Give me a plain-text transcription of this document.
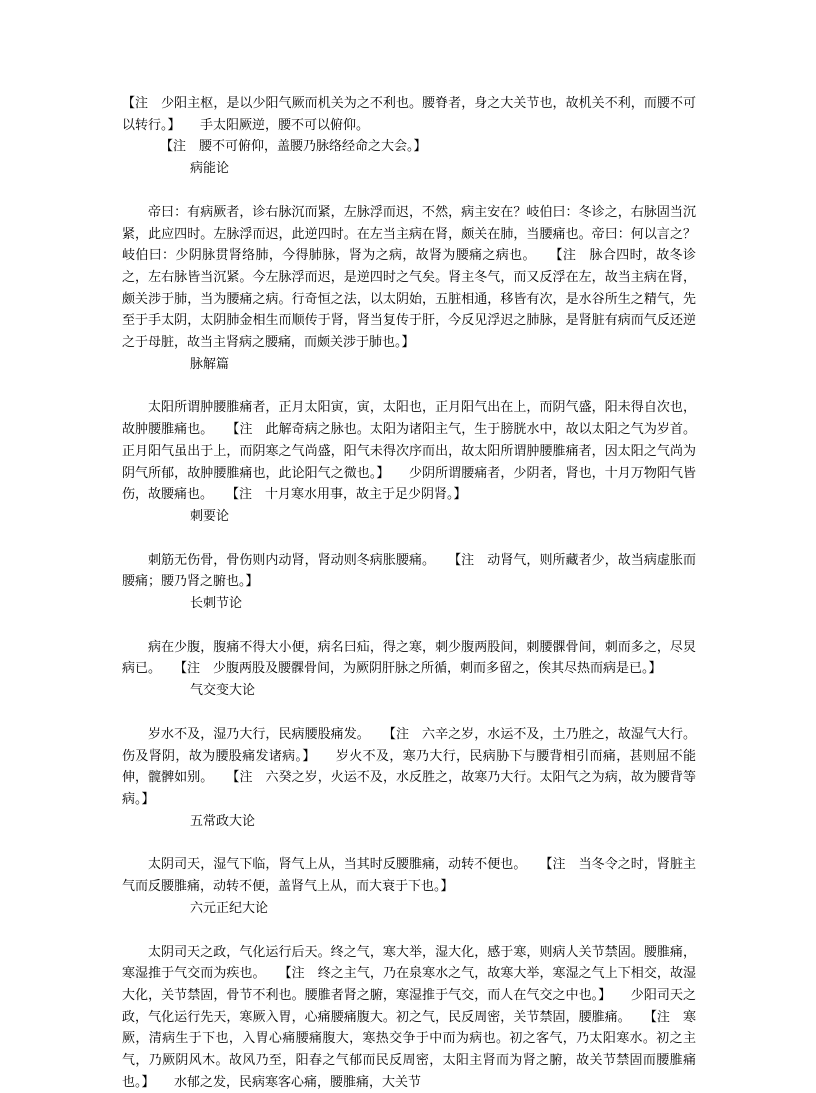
【注　少阳主枢，是以少阳气厥而机关为之不利也。腰脊者，身之大关节也，故机关不利，而腰不可以转行。】　　手太阳厥逆，腰不可以俯仰。

【注　腰不可俯仰，盖腰乃脉络经命之大会。】

病能论

帝曰：有病厥者，诊右脉沉而紧，左脉浮而迟，不然，病主安在？岐伯曰：冬诊之，右脉固当沉紧，此应四时。左脉浮而迟，此逆四时。在左当主病在肾，颇关在肺，当腰痛也。帝曰：何以言之？岐伯曰：少阴脉贯肾络肺，今得肺脉，肾为之病，故肾为腰痛之病也。　　【注　脉合四时，故冬诊之，左右脉皆当沉紧。今左脉浮而迟，是逆四时之气矣。肾主冬气，而又反浮在左，故当主病在肾，颇关涉于肺，当为腰痛之病。行奇恒之法，以太阴始，五脏相通，移皆有次，是水谷所生之精气，先至于手太阴，太阴肺金相生而顺传于肾，肾当复传于肝，今反见浮迟之肺脉，是肾脏有病而气反还逆之于母脏，故当主肾病之腰痛，而颇关涉于肺也。】

脉解篇

太阳所谓肿腰脽痛者，正月太阳寅，寅，太阳也，正月阳气出在上，而阴气盛，阳未得自次也，故肿腰脽痛也。　　【注　此解奇病之脉也。太阳为诸阳主气，生于膀胱水中，故以太阳之气为岁首。正月阳气虽出于上，而阴寒之气尚盛，阳气未得次序而出，故太阳所谓肿腰脽痛者，因太阳之气尚为阴气所郁，故肿腰脽痛也，此论阳气之微也。】　　少阴所谓腰痛者，少阴者，肾也，十月万物阳气皆伤，故腰痛也。　　【注　十月寒水用事，故主于足少阴肾。】

刺要论

刺筋无伤骨，骨伤则内动肾，肾动则冬病胀腰痛。　　【注　动肾气，则所藏者少，故当病虚胀而腰痛；腰乃肾之腑也。】

长刺节论

病在少腹，腹痛不得大小便，病名曰疝，得之寒，刺少腹两股间，刺腰髁骨间，刺而多之，尽炅病已。　　【注　少腹两股及腰髁骨间，为厥阴肝脉之所循，刺而多留之，俟其尽热而病是已。】

气交变大论

岁水不及，湿乃大行，民病腰股痛发。　　【注　六辛之岁，水运不及，土乃胜之，故湿气大行。伤及肾阴，故为腰股痛发诸病。】　　岁火不及，寒乃大行，民病胁下与腰背相引而痛，甚则屈不能伸，髋髀如别。　　【注　六癸之岁，火运不及，水反胜之，故寒乃大行。太阳气之为病，故为腰背等病。】

五常政大论

太阴司天，湿气下临，肾气上从，当其时反腰脽痛，动转不便也。　　【注　当冬令之时，肾脏主气而反腰脽痛，动转不便，盖肾气上从，而大衰于下也。】

六元正纪大论

太阴司天之政，气化运行后天。终之气，寒大举，湿大化，感于寒，则病人关节禁固。腰脽痛，寒湿推于气交而为疾也。　　【注　终之主气，乃在泉寒水之气，故寒大举，寒湿之气上下相交，故湿大化，关节禁固，骨节不利也。腰脽者肾之腑，寒湿推于气交，而人在气交之中也。】　　少阳司天之政，气化运行先天，寒厥入胃，心痛腰痛腹大。初之气，民反周密，关节禁固，腰脽痛。　　【注　寒厥，清病生于下也，入胃心痛腰痛腹大，寒热交争于中而为病也。初之客气，乃太阳寒水。初之主气，乃厥阴风木。故风乃至，阳春之气郁而民反周密，太阳主肾而为肾之腑，故关节禁固而腰脽痛也。】　　水郁之发，民病寒客心痛，腰脽痛，大关节
